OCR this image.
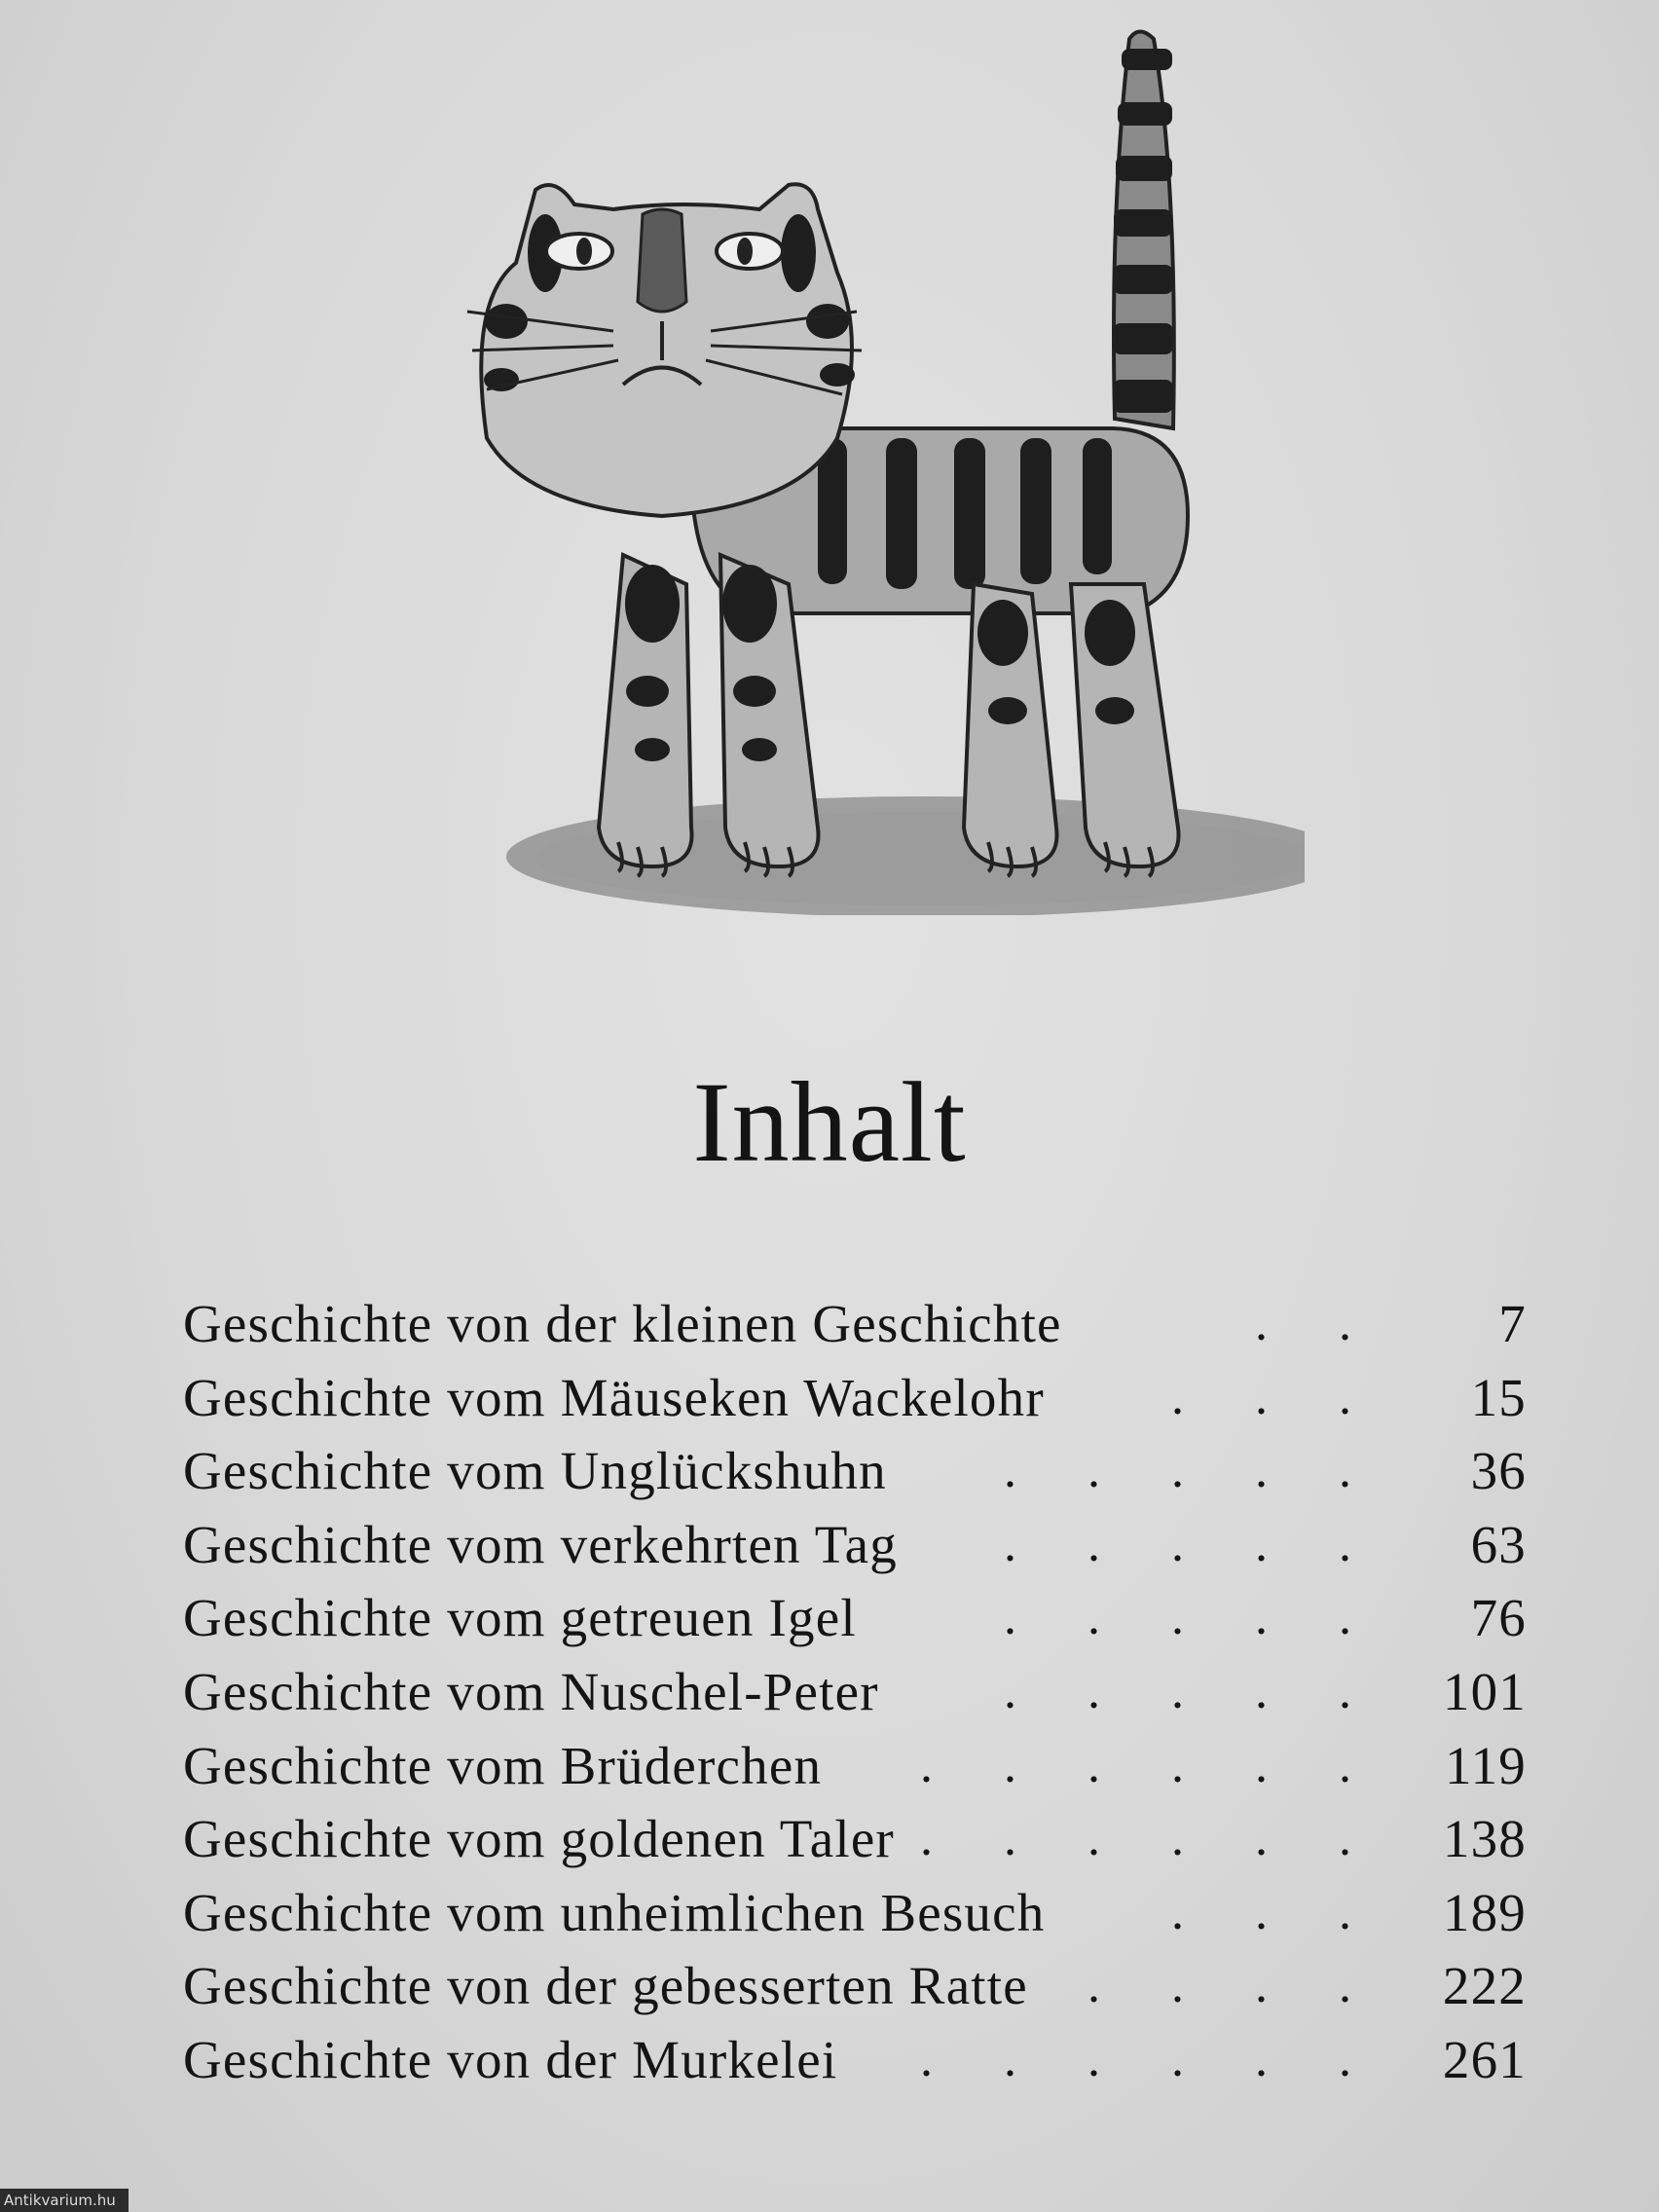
Inhalt
Geschichte von der kleinen Geschichte	. . 7
Geschichte vom Mäuseken Wackelohr	. . . 15
Geschichte vom Unglückshuhn . . . . . 36
Geschichte vom verkehrten Tag . . . . . 63
Geschichte vom getreuen Igel	. . . . . 76
Geschichte vom Nuschel-Peter . . . . . 101
Geschichte vom Brüderchen . . . . . . 119
Geschichte vom goldenen Taler . . . . . . 138
Geschichte vom unheimlichen Besuch . . . 189
Geschichte von der gebesserten Ratte . . . . 222
Geschichte von der Murkelei . . . . . . 261
Antikvarium.hu
